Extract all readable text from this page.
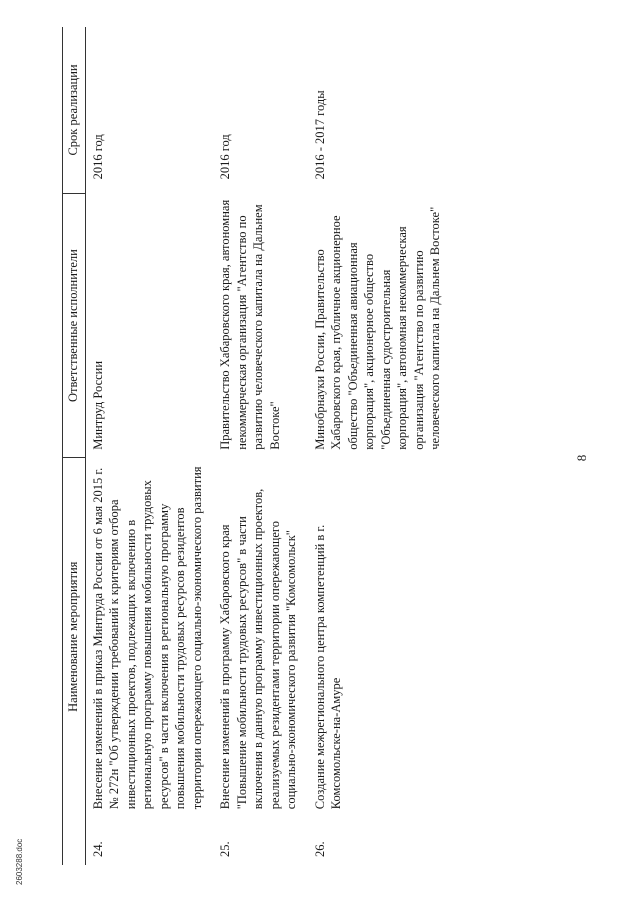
8
	Наименование мероприятия	Ответственные исполнители	Срок реализации
24.	Внесение изменений в приказ Минтруда России от 6 мая 2015 г. № 272н "Об утверждении требований к критериям отбора инвестиционных проектов, подлежащих включению в региональную программу повышения мобильности трудовых ресурсов" в части включения в региональную программу повышения мобильности трудовых ресурсов резидентов территории опережающего социально-экономического развития	Минтруд России	2016 год
25.	Внесение изменений в программу Хабаровского края "Повышение мобильности трудовых ресурсов" в части включения в данную программу инвестиционных проектов, реализуемых резидентами территории опережающего социально-экономического развития "Комсомольск"	Правительство Хабаровского края, автономная некоммерческая организация "Агентство по развитию человеческого капитала на Дальнем Востоке"	2016 год
26.	Создание межрегионального центра компетенций в г. Комсомольске-на-Амуре	Минобрнауки России, Правительство Хабаровского края, публичное акционерное общество "Объединенная авиационная корпорация", акционерное общество "Объединенная судостроительная корпорация", автономная некоммерческая организация "Агентство по развитию человеческого капитала на Дальнем Востоке"	2016 - 2017 годы
2603288.doc
